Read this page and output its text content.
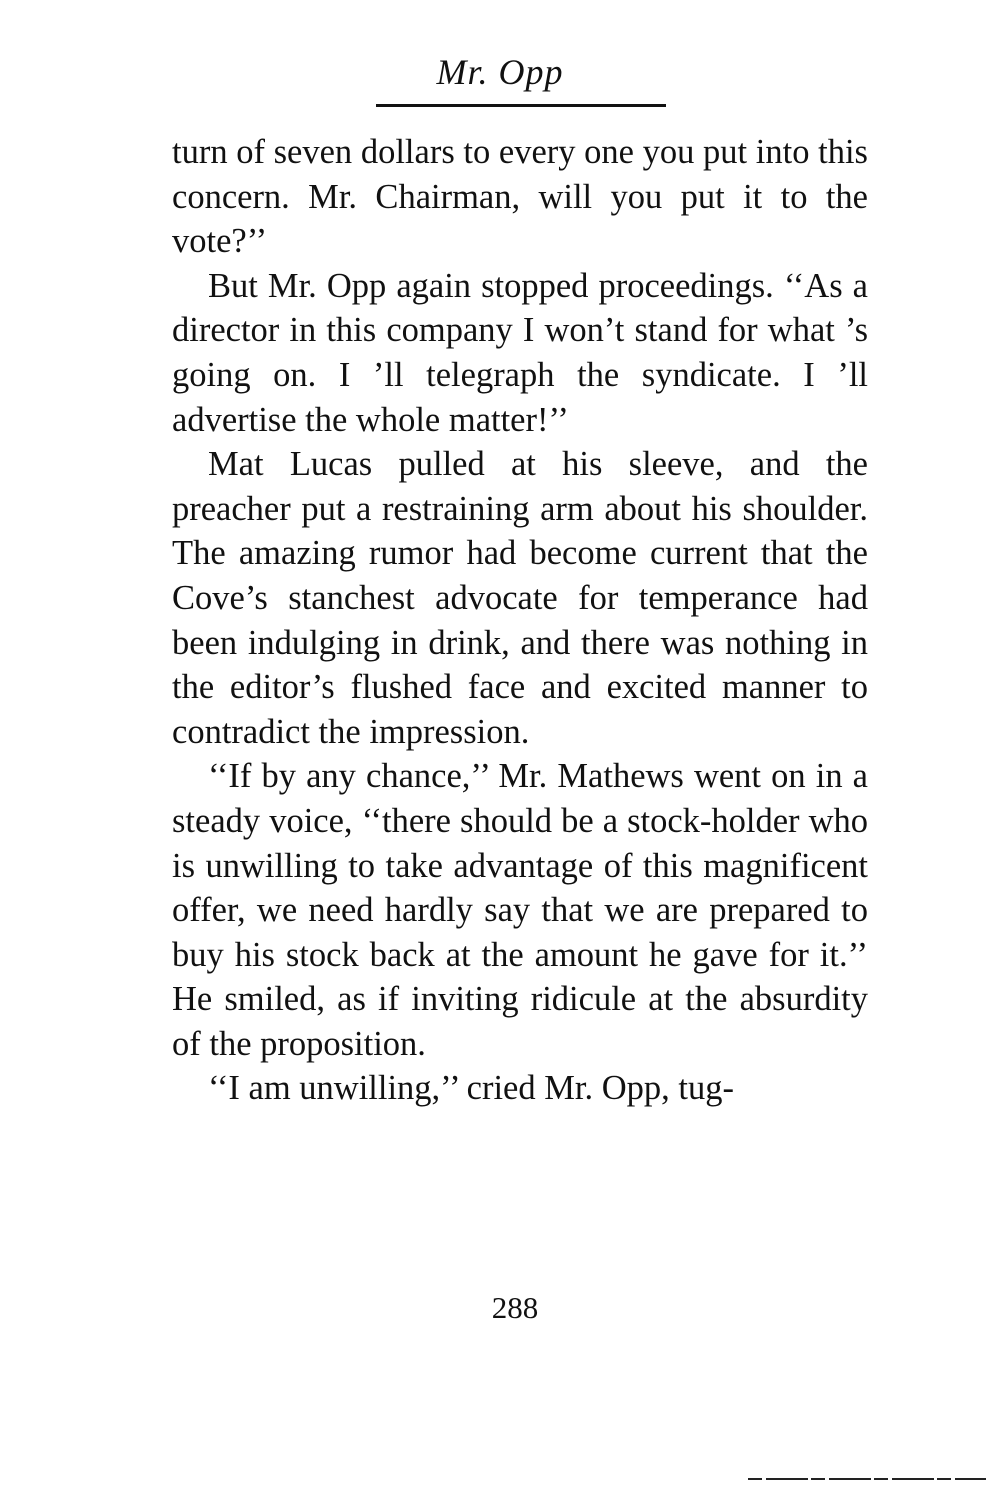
Mr. Opp

turn of seven dollars to every one you put into this concern. Mr. Chairman, will you put it to the vote?’’

But Mr. Opp again stopped proceedings. ‘‘As a director in this company I won’t stand for what ’s going on. I ’ll telegraph the syndicate. I ’ll advertise the whole matter!’’

Mat Lucas pulled at his sleeve, and the preacher put a restraining arm about his shoulder. The amazing rumor had become current that the Cove’s stanchest advocate for temperance had been indulging in drink, and there was nothing in the editor’s flushed face and excited manner to contradict the impression.

‘‘If by any chance,’’ Mr. Mathews went on in a steady voice, ‘‘there should be a stock-holder who is unwilling to take advantage of this magnificent offer, we need hardly say that we are prepared to buy his stock back at the amount he gave for it.’’ He smiled, as if inviting ridicule at the absurdity of the proposition.

‘‘I am unwilling,’’ cried Mr. Opp, tug-

288
